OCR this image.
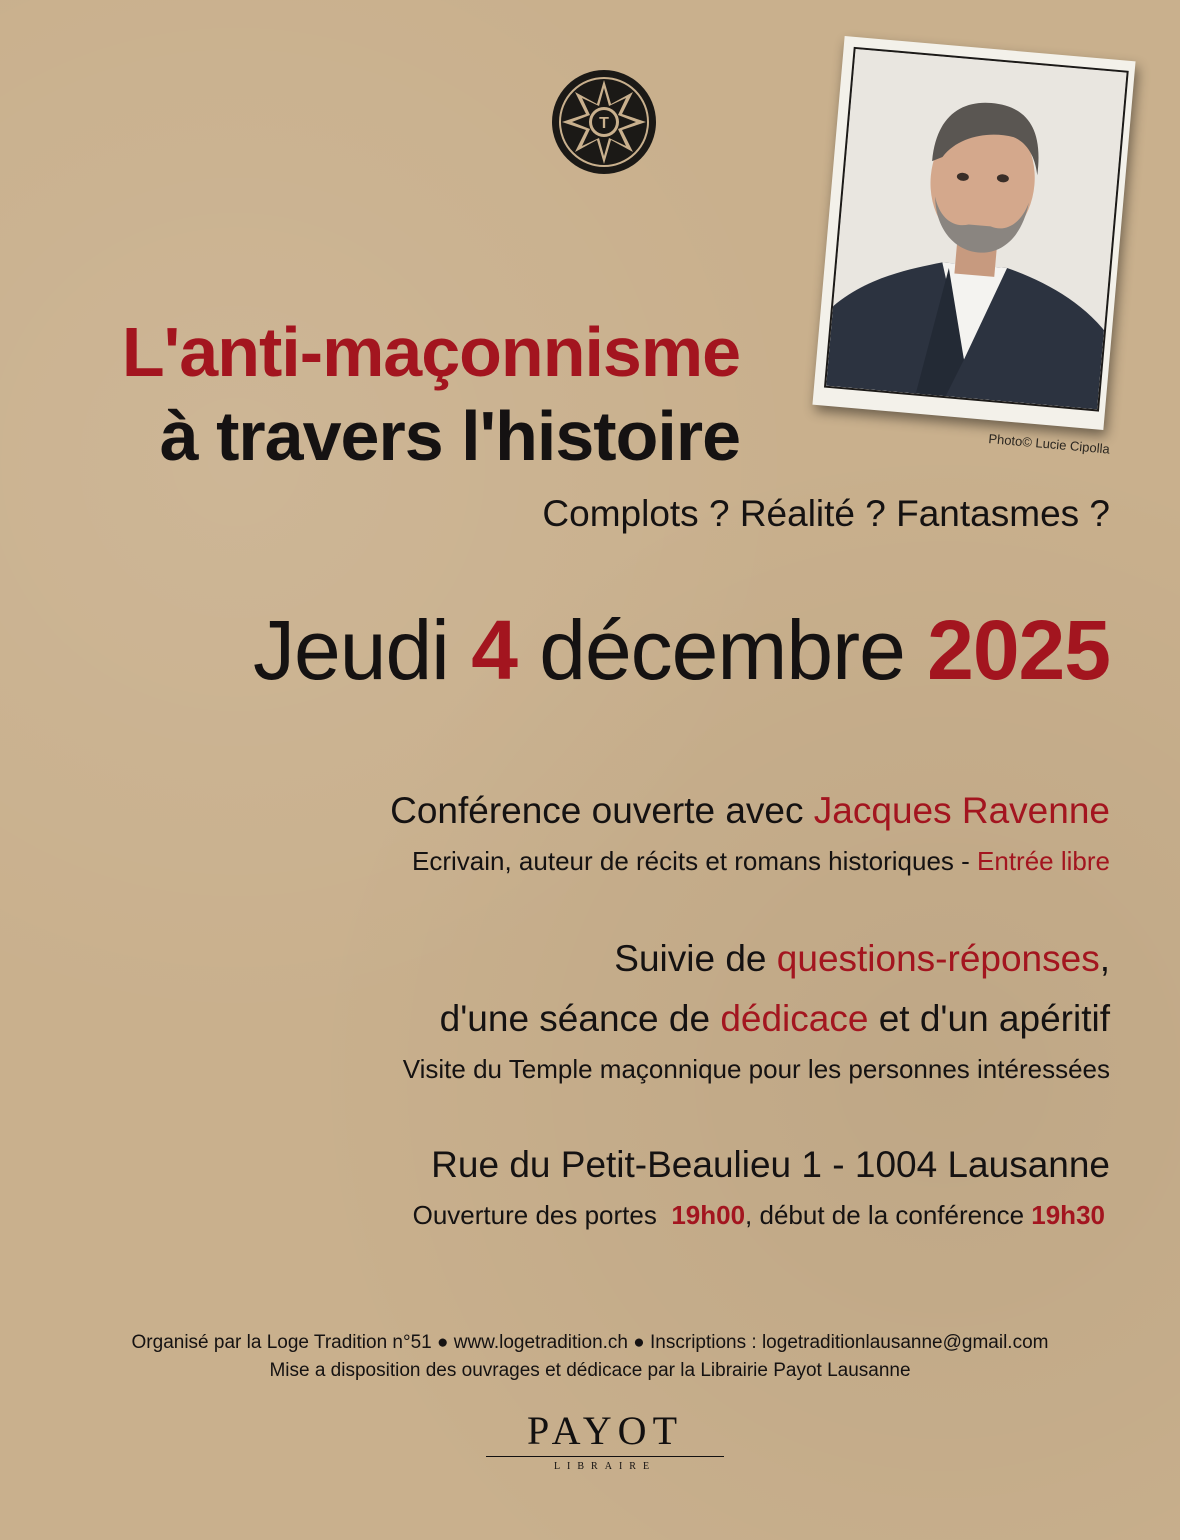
T
Photo© Lucie Cipolla
L'anti-maçonnisme
à travers l'histoire
Complots ? Réalité ? Fantasmes ?
Jeudi 4 décembre 2025
Conférence ouverte avec Jacques Ravenne
Ecrivain, auteur de récits et romans historiques - Entrée libre
Suivie de questions-réponses,
d'une séance de dédicace et d'un apéritif
Visite du Temple maçonnique pour les personnes intéressées
Rue du Petit-Beaulieu 1 - 1004 Lausanne
Ouverture des portes 19h00, début de la conférence 19h30
Organisé par la Loge Tradition n°51 ● www.logetradition.ch ● Inscriptions : logetraditionlausanne@gmail.com
Mise a disposition des ouvrages et dédicace par la Librairie Payot Lausanne
PAYOT
LIBRAIRE
